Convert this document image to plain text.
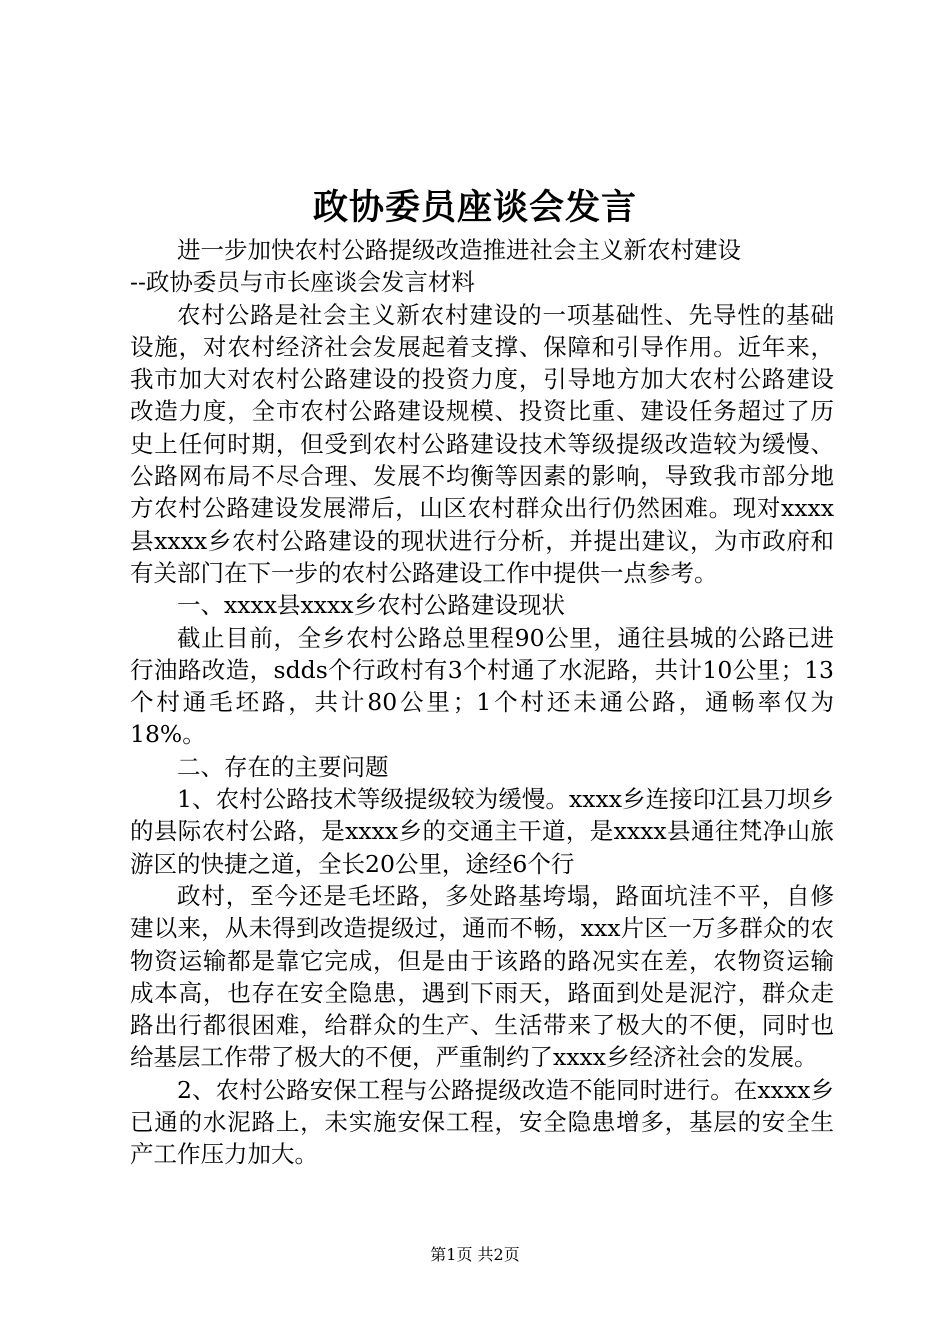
政协委员座谈会发言

进一步加快农村公路提级改造推进社会主义新农村建设

--政协委员与市长座谈会发言材料

农村公路是社会主义新农村建设的一项基础性、先导性的基础设施，对农村经济社会发展起着支撑、保障和引导作用。近年来，我市加大对农村公路建设的投资力度，引导地方加大农村公路建设改造力度，全市农村公路建设规模、投资比重、建设任务超过了历史上任何时期，但受到农村公路建设技术等级提级改造较为缓慢、公路网布局不尽合理、发展不均衡等因素的影响，导致我市部分地方农村公路建设发展滞后，山区农村群众出行仍然困难。现对xxxx县xxxx乡农村公路建设的现状进行分析，并提出建议，为市政府和有关部门在下一步的农村公路建设工作中提供一点参考。

一、xxxx县xxxx乡农村公路建设现状

截止目前，全乡农村公路总里程90公里，通往县城的公路已进行油路改造，sdds个行政村有3个村通了水泥路，共计10公里；13个村通毛坯路，共计80公里；1个村还未通公路，通畅率仅为18%。

二、存在的主要问题

1、农村公路技术等级提级较为缓慢。xxxx乡连接印江县刀坝乡的县际农村公路，是xxxx乡的交通主干道，是xxxx县通往梵净山旅游区的快捷之道，全长20公里，途经6个行

政村，至今还是毛坯路，多处路基垮塌，路面坑洼不平，自修建以来，从未得到改造提级过，通而不畅，xxx片区一万多群众的农物资运输都是靠它完成，但是由于该路的路况实在差，农物资运输成本高，也存在安全隐患，遇到下雨天，路面到处是泥泞，群众走路出行都很困难，给群众的生产、生活带来了极大的不便，同时也给基层工作带了极大的不便，严重制约了xxxx乡经济社会的发展。

2、农村公路安保工程与公路提级改造不能同时进行。在xxxx乡已通的水泥路上，未实施安保工程，安全隐患增多，基层的安全生产工作压力加大。

第1页 共2页
